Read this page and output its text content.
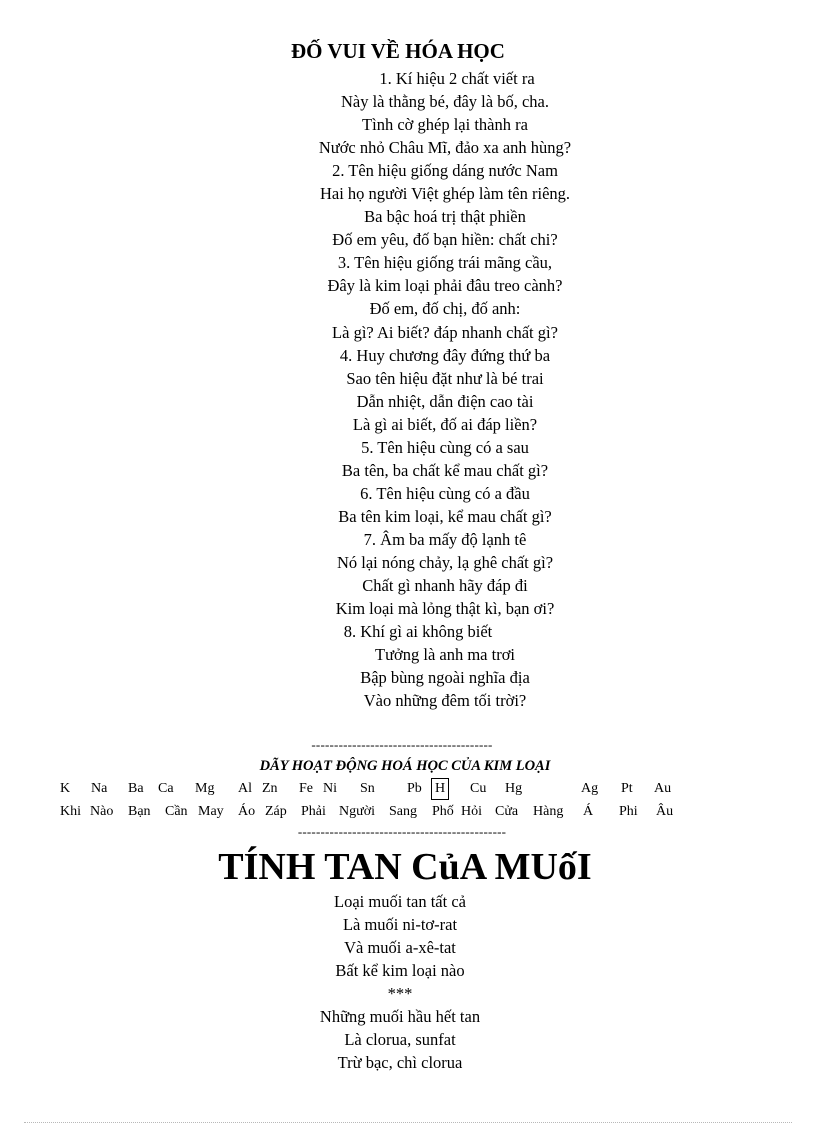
ĐỐ VUI VỀ HÓA HỌC
1. Kí hiệu 2 chất viết ra
Này là thằng bé, đây là bố, cha.
Tình cờ ghép lại thành ra
Nước nhỏ Châu Mĩ, đảo xa anh hùng?
2. Tên hiệu giống dáng nước Nam
Hai họ người Việt ghép làm tên riêng.
Ba bậc hoá trị thật phiền
Đố em yêu, đố bạn hiền: chất chi?
3. Tên hiệu giống trái mãng cầu,
Đây là kim loại phải đâu treo cành?
Đố em, đố chị, đố anh:
Là gì? Ai biết? đáp nhanh chất gì?
4. Huy chương đây đứng thứ ba
Sao tên hiệu đặt như là bé trai
Dẫn nhiệt, dẫn điện cao tài
Là gì ai biết, đố ai đáp liền?
5. Tên hiệu cùng có a sau
Ba tên, ba chất kể mau chất gì?
6. Tên hiệu cùng có a đầu
Ba tên kim loại, kể mau chất gì?
7. Âm ba mấy độ lạnh tê
Nó lại nóng chảy, lạ ghê chất gì?
Chất gì nhanh hãy đáp đi
Kim loại mà lỏng thật kì, bạn ơi?
8. Khí gì ai không biết
Tưởng là anh ma trơi
Bập bùng ngoài nghĩa địa
Vào những đêm tối trời?
----------------------------------------
DÃY HOẠT ĐỘNG HOÁ HỌC CỦA KIM LOẠI
K Na Ba Ca Mg Al Zn Fe Ni Sn Pb H Cu Hg	Ag Pt Au
Khi Nào Bạn Cần May Áo Záp Phải Người Sang Phố Hỏi Cửa Hàng Á Phi Âu
----------------------------------------------
TÍNH TAN CủA MUốI
Loại muối tan tất cả
Là muối ni-tơ-rat
Và muối a-xê-tat
Bất kể kim loại nào
***
Những muối hầu hết tan
Là clorua, sunfat
Trừ bạc, chì clorua
